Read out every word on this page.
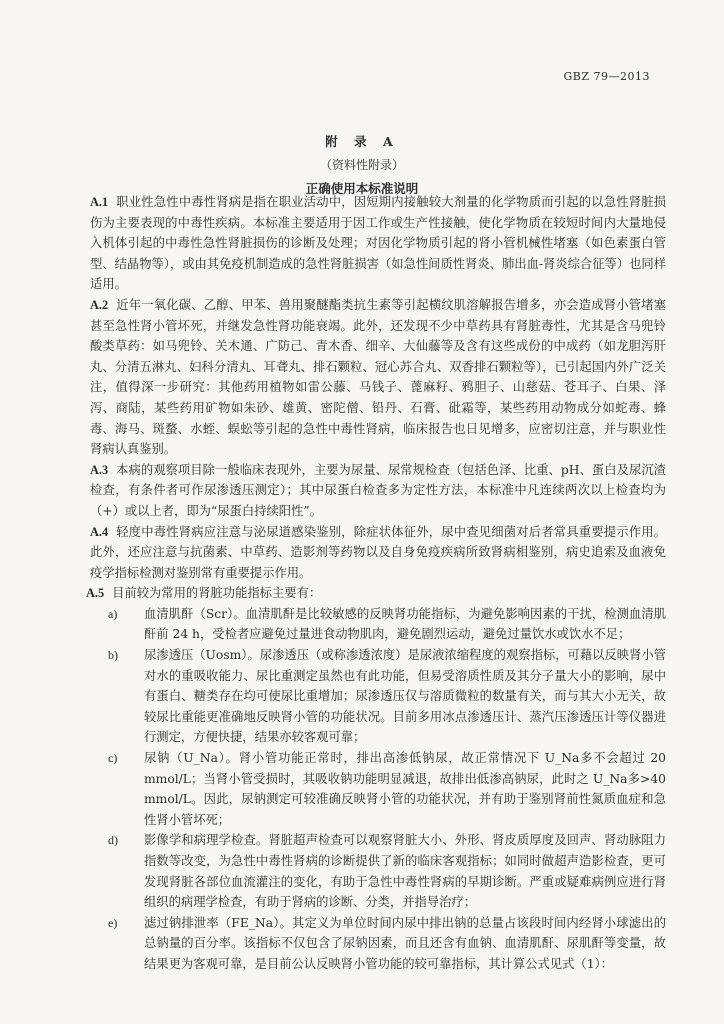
GBZ 79—2013
附 录 A
（资料性附录）
正确使用本标准说明

A.1 职业性急性中毒性肾病是指在职业活动中，因短期内接触较大剂量的化学物质而引起的以急性肾脏损伤为主要表现的中毒性疾病。本标准主要适用于因工作或生产性接触，使化学物质在较短时间内大量地侵入机体引起的中毒性急性肾脏损伤的诊断及处理；对因化学物质引起的肾小管机械性堵塞（如色素蛋白管型、结晶物等），或由其免疫机制造成的急性肾脏损害（如急性间质性肾炎、肺出血-肾炎综合征等）也同样适用。

A.2 近年一氧化碳、乙醇、甲苯、兽用聚醚酯类抗生素等引起横纹肌溶解报告增多，亦会造成肾小管堵塞甚至急性肾小管坏死，并继发急性肾功能衰竭。此外，还发现不少中草药具有肾脏毒性，尤其是含马兜铃酸类草药：如马兜铃、关木通、广防己、青木香、细辛、大仙藤等及含有这些成份的中成药（如龙胆泻肝丸、分清五淋丸、妇科分清丸、耳聋丸、排石颗粒、冠心苏合丸、双香排石颗粒等），已引起国内外广泛关注，值得深一步研究：其他药用植物如雷公藤、马钱子、蓖麻籽、鸦胆子、山慈菇、苍耳子、白果、泽泻、商陆，某些药用矿物如朱砂、雄黄、密陀僧、铅丹、石膏、砒霜等，某些药用动物成分如蛇毒、蜂毒、海马、斑蝥、水蛭、蜈蚣等引起的急性中毒性肾病，临床报告也日见增多，应密切注意，并与职业性肾病认真鉴别。

A.3 本病的观察项目除一般临床表现外，主要为尿量、尿常规检查（包括色泽、比重、pH、蛋白及尿沉渣检查，有条件者可作尿渗透压测定）；其中尿蛋白检查多为定性方法，本标准中凡连续两次以上检查均为（+）或以上者，即为“尿蛋白持续阳性”。

A.4 轻度中毒性肾病应注意与泌尿道感染鉴别，除症状体征外，尿中查见细菌对后者常具重要提示作用。此外，还应注意与抗菌素、中草药、造影剂等药物以及自身免疫疾病所致肾病相鉴别，病史追索及血液免疫学指标检测对鉴别常有重要提示作用。

A.5 目前较为常用的肾脏功能指标主要有：

a) 血清肌酐（Scr）。血清肌酐是比较敏感的反映肾功能指标，为避免影响因素的干扰，检测血清肌酐前 24 h，受检者应避免过量进食动物肌肉，避免剧烈运动，避免过量饮水或饮水不足；
b) 尿渗透压（Uosm）。尿渗透压（或称渗透浓度）是尿液浓缩程度的观察指标，可藉以反映肾小管对水的重吸收能力、尿比重测定虽然也有此功能，但易受溶质性质及其分子量大小的影响，尿中有蛋白、糖类存在均可使尿比重增加；尿渗透压仅与溶质微粒的数量有关，而与其大小无关，故较尿比重能更准确地反映肾小管的功能状况。目前多用冰点渗透压计、蒸汽压渗透压计等仪器进行测定，方便快捷，结果亦较客观可靠；
c) 尿钠（U_Na）。肾小管功能正常时，排出高渗低钠尿，故正常情况下 U_Na多不会超过 20 mmol/L；当肾小管受损时，其吸收钠功能明显减退，故排出低渗高钠尿，此时之 U_Na多>40 mmol/L。因此，尿钠测定可较准确反映肾小管的功能状况，并有助于鉴别肾前性氮质血症和急性肾小管坏死；
d) 影像学和病理学检查。肾脏超声检查可以观察肾脏大小、外形、肾皮质厚度及回声、肾动脉阻力指数等改变，为急性中毒性肾病的诊断提供了新的临床客观指标；如同时做超声造影检查，更可发现肾脏各部位血流灌注的变化，有助于急性中毒性肾病的早期诊断。严重或疑难病例应进行肾组织的病理学检查，有助于肾病的诊断、分类，并指导治疗；
e) 滤过钠排泄率（FE_Na）。其定义为单位时间内尿中排出钠的总量占该段时间内经肾小球滤出的总钠量的百分率。该指标不仅包含了尿钠因素，而且还含有血钠、血清肌酐、尿肌酐等变量，故结果更为客观可靠，是目前公认反映肾小管功能的较可靠指标，其计算公式见式（1）：
